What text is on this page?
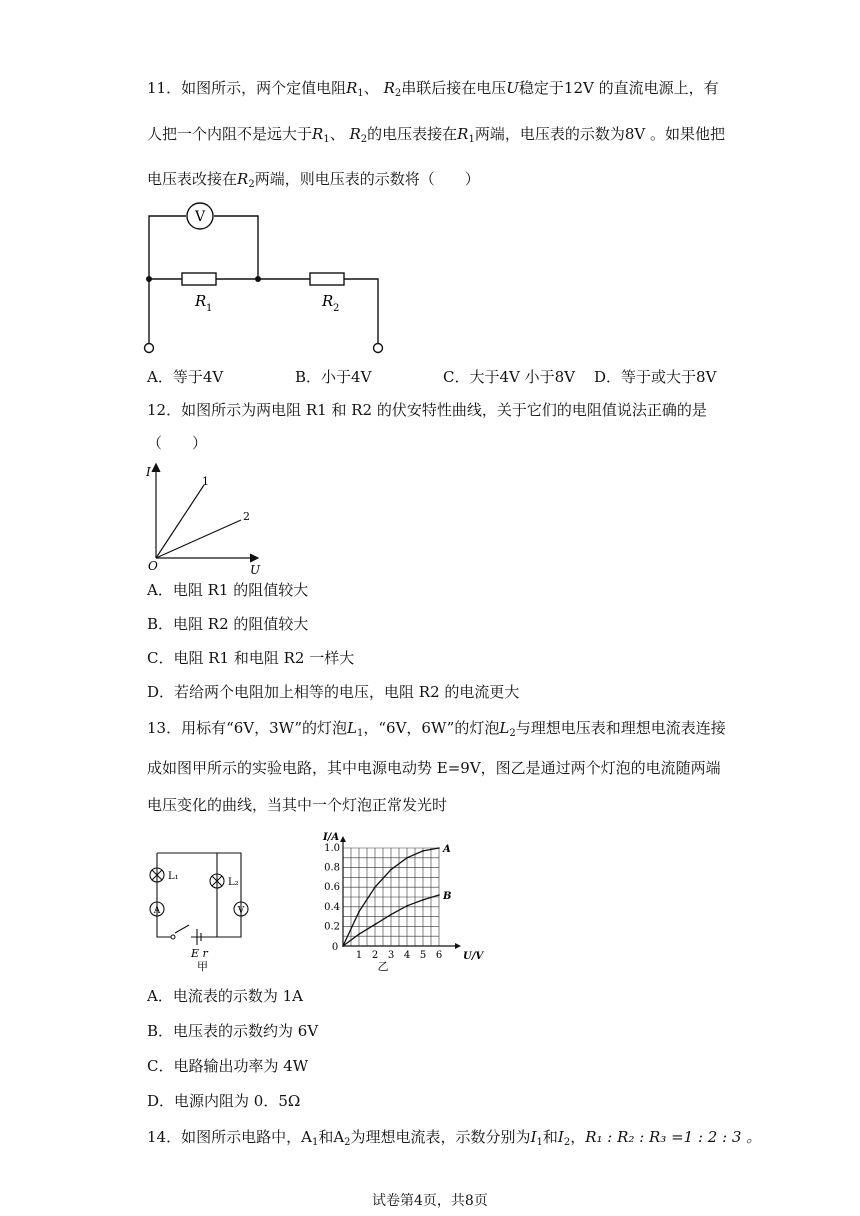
11．如图所示，两个定值电阻$R_1$、 $R_2$串联后接在电压U稳定于12V 的直流电源上，有
人把一个内阻不是远大于$R_1$、 $R_2$的电压表接在$R_1$两端，电压表的示数为8V 。如果他把
电压表改接在$R_2$两端，则电压表的示数将（　　）
V
R 1	R 2
A．等于4V	B．小于4V	C．大于4V 小于8V D．等于或大于8V
12．如图所示为两电阻 R1 和 R2 的伏安特性曲线，关于它们的电阻值说法正确的是
（　　）
I
U
O
1
2
A．电阻 R1 的阻值较大
B．电阻 R2 的阻值较大
C．电阻 R1 和电阻 R2 一样大
D．若给两个电阻加上相等的电压，电阻 R2 的电流更大
13．用标有“6V，3W”的灯泡$L_1$，“6V，6W”的灯泡$L_2$与理想电压表和理想电流表连接
成如图甲所示的实验电路，其中电源电动势 E=9V，图乙是通过两个灯泡的电流随两端
电压变化的曲线，当其中一个灯泡正常发光时
L₁
L₂
A	V
E r
甲
1 2 3 4 5 6
0.2
0.4
0.6
0.8
1.0
0
U/V
I/A
乙
A
B
A．电流表的示数为 1A
B．电压表的示数约为 6V
C．电路输出功率为 4W
D．电源内阻为 0．5Ω
14．如图所示电路中，$A_1$和$A_2$为理想电流表，示数分别为$I_1$和$I_2$，R₁ : R₂ : R₃ =1 : 2 : 3 。
试卷第4页，共8页
